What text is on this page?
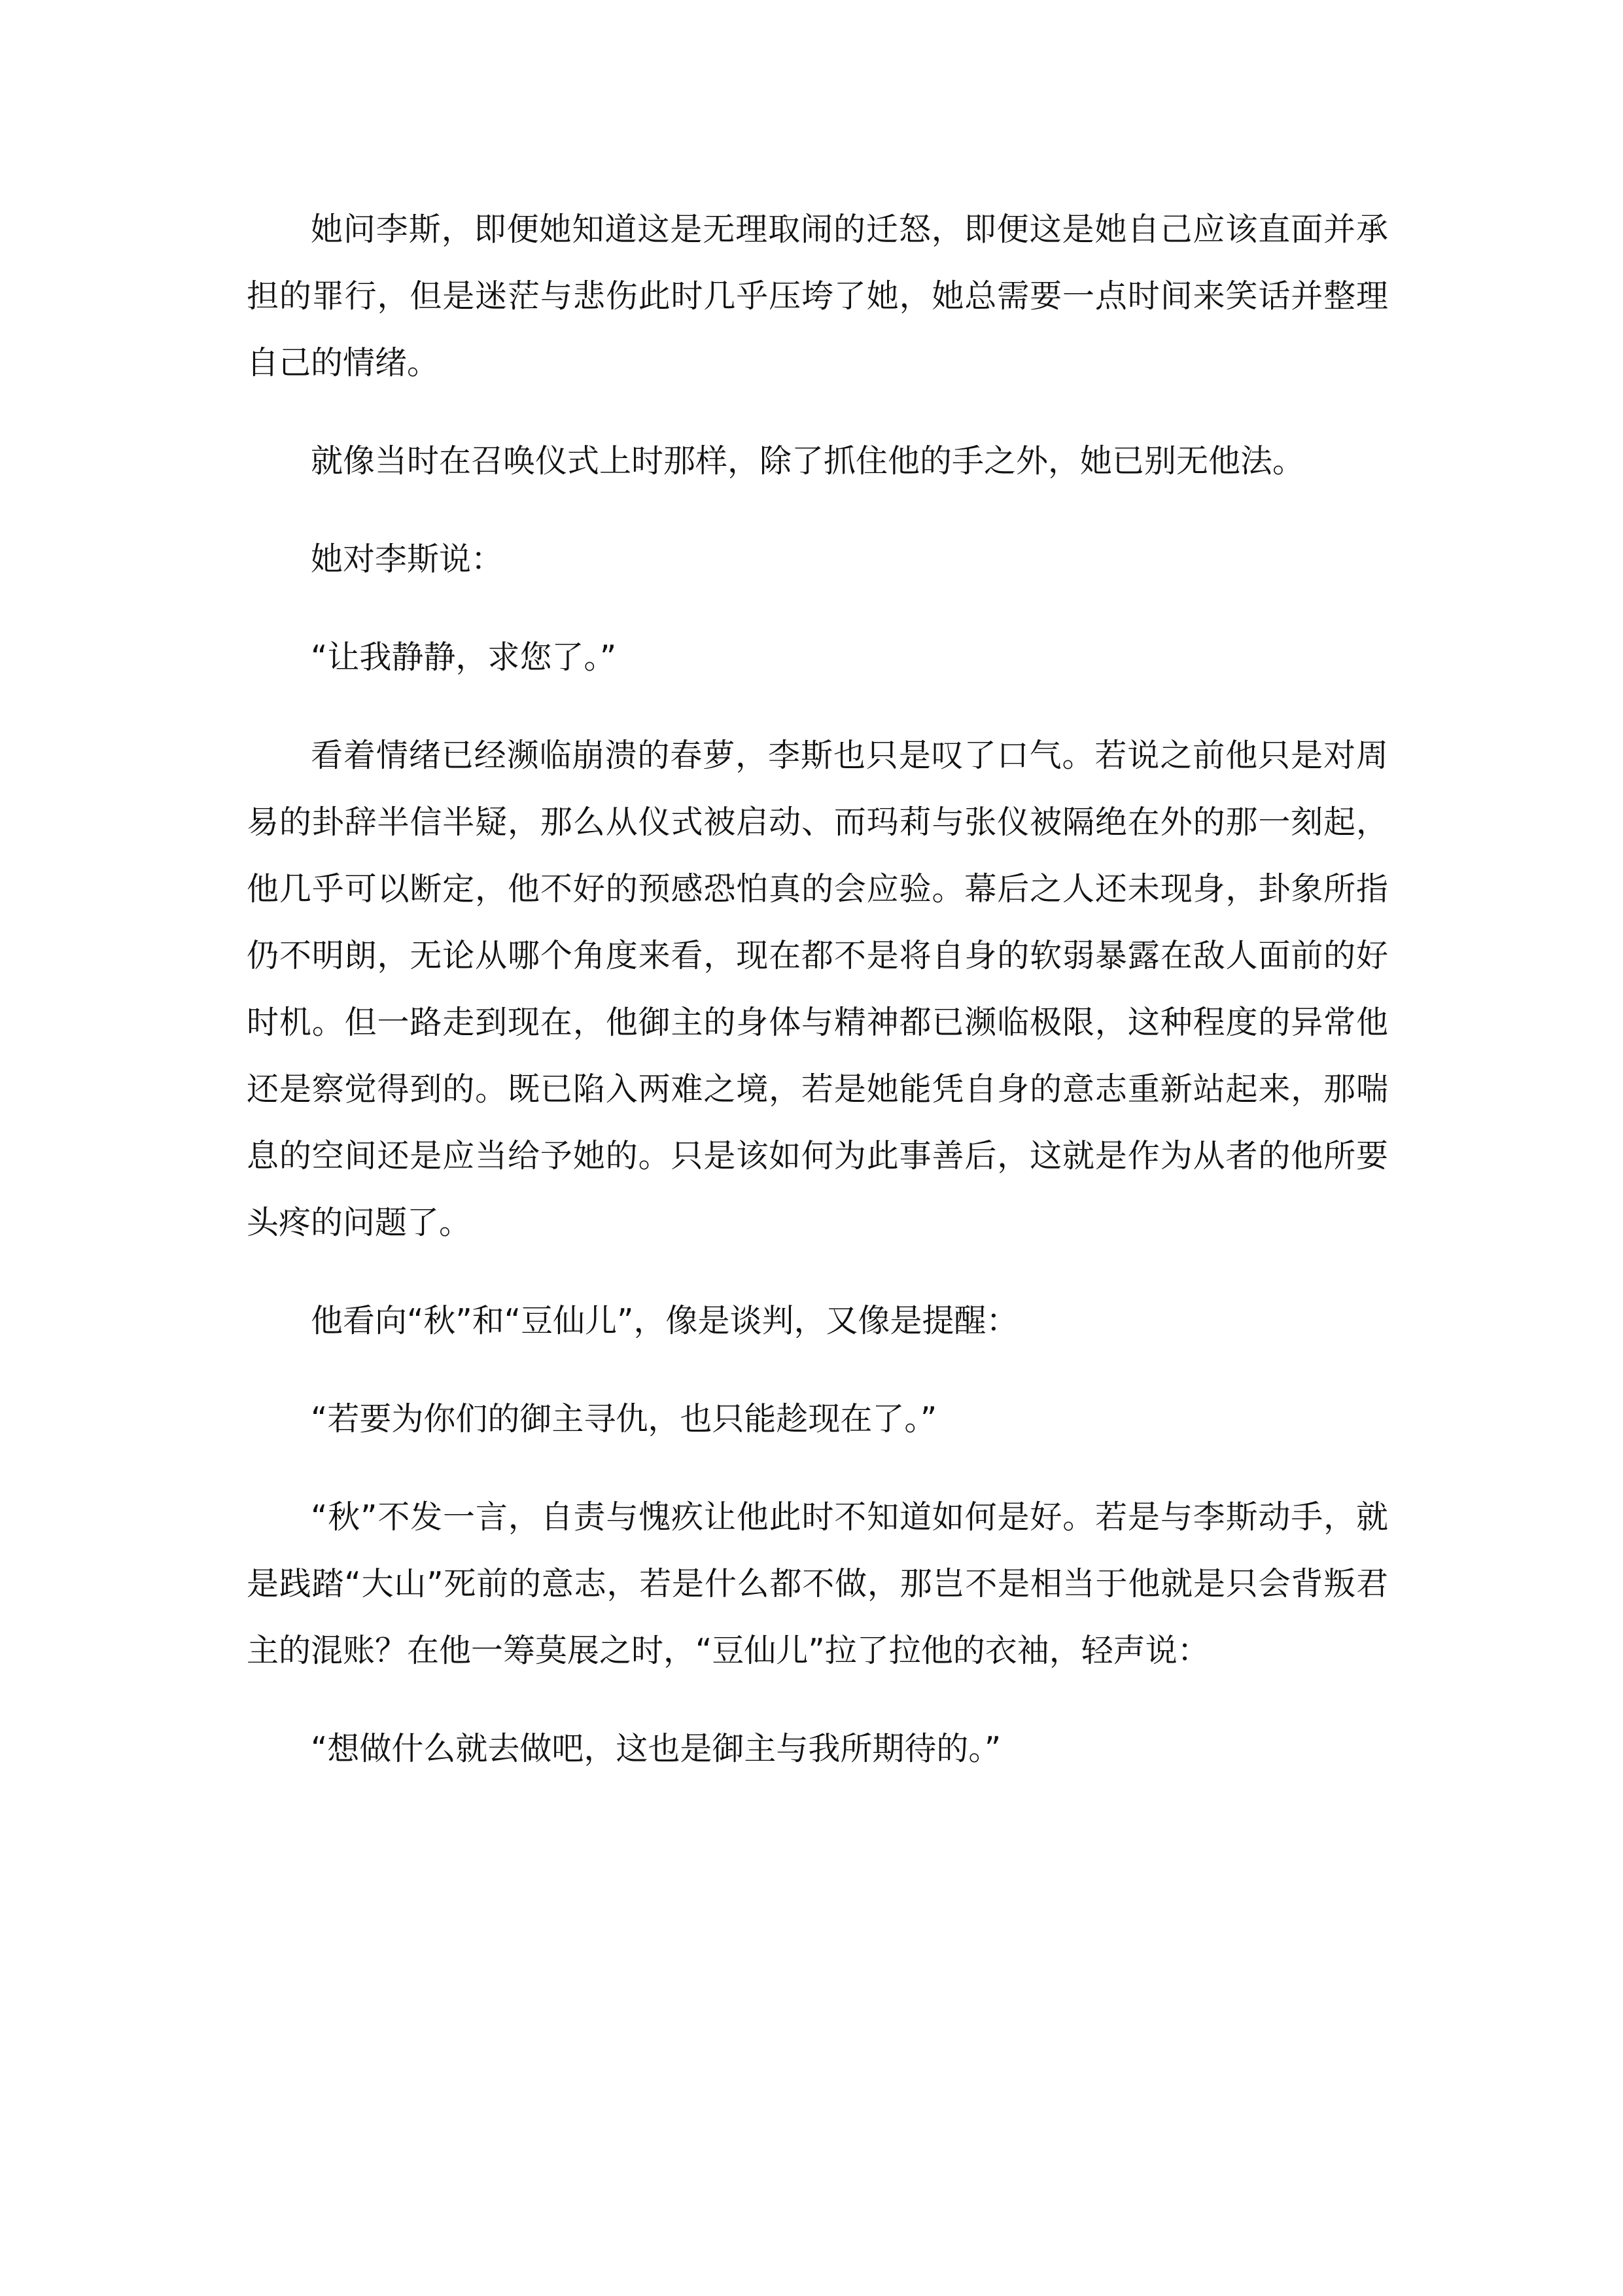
她问李斯，即便她知道这是无理取闹的迁怒，即便这是她自己应该直面并承担的罪行，但是迷茫与悲伤此时几乎压垮了她，她总需要一点时间来笑话并整理自己的情绪。

就像当时在召唤仪式上时那样，除了抓住他的手之外，她已别无他法。

她对李斯说：

“让我静静，求您了。”

看着情绪已经濒临崩溃的春萝，李斯也只是叹了口气。若说之前他只是对周易的卦辞半信半疑，那么从仪式被启动、而玛莉与张仪被隔绝在外的那一刻起，他几乎可以断定，他不好的预感恐怕真的会应验。幕后之人还未现身，卦象所指仍不明朗，无论从哪个角度来看，现在都不是将自身的软弱暴露在敌人面前的好时机。但一路走到现在，他御主的身体与精神都已濒临极限，这种程度的异常他还是察觉得到的。既已陷入两难之境，若是她能凭自身的意志重新站起来，那喘息的空间还是应当给予她的。只是该如何为此事善后，这就是作为从者的他所要头疼的问题了。

他看向“秋”和“豆仙儿”，像是谈判，又像是提醒：

“若要为你们的御主寻仇，也只能趁现在了。”

“秋”不发一言，自责与愧疚让他此时不知道如何是好。若是与李斯动手，就是践踏“大山”死前的意志，若是什么都不做，那岂不是相当于他就是只会背叛君主的混账？在他一筹莫展之时，“豆仙儿”拉了拉他的衣袖，轻声说：

“想做什么就去做吧，这也是御主与我所期待的。”
